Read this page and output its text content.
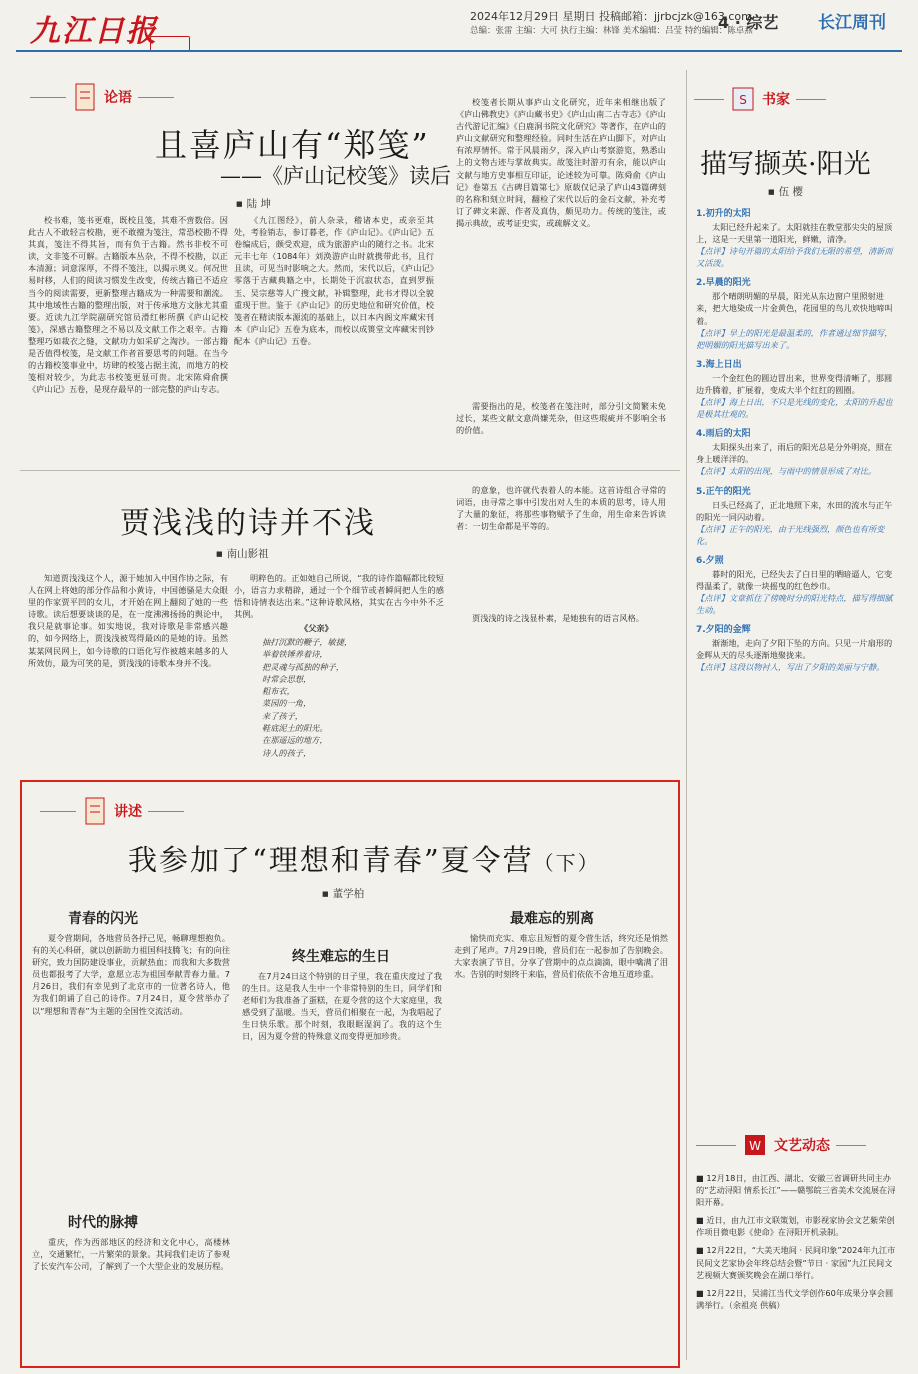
九江日报	2024年12月29日 星期日 投稿邮箱：jjrbcjzk@163.com
总编：张雷 主编：大可 执行主编：林锋 美术编辑：吕莹 特约编辑：陈卓燕
4 · 综艺 长江周刊
论语
且喜庐山有“郑笺”
——《庐山记校笺》读后
■ 陆 坤
校书难，笺书更难，既校且笺，其难不啻数倍。因此古人不敢轻言校勘，更不敢擅为笺注，常恐校勘不得其真，笺注不得其旨，而有负于古籍。然书非校不可读，文非笺不可解。古籍版本丛杂，不得不校勘，以正本清源；词意深厚，不得不笺注，以揭示奥义。何况世易时移，人们的阅读习惯发生改变，传统古籍已不适应当今的阅读需要，更新整理古籍成为一种需要和潮流。其中地域性古籍的整理出版，对于传承地方文脉尤其重要。近读九江学院副研究馆员滑红彬所撰《庐山记校笺》，深感古籍整理之不易以及文献工作之艰辛。古籍整理巧如裁衣之缝，文献功力如采矿之淘沙。一部古籍是否值得校笺，是文献工作者首要思考的问题。在当今的古籍校笺事业中，坊肆的校笺占据主流，而地方的校笺相对较少，为此志书校笺更显可贵。北宋陈舜俞撰《庐山记》五卷，是现存最早的一部完整的庐山专志。
《九江图经》，前人杂录，稽诸本史，或亲至其处，考验销志，参订暮老，作《庐山记》。《庐山记》五卷编成后，颇受欢迎，成为旅游庐山的随行之书。北宋元丰七年（1084年）刘涣游庐山时就携带此书，且行且读，可见当时影响之大。然而，宋代以后，《庐山记》零落于吉藏典籍之中，长期处于沉寂状态，直到罗振玉、吴宗慈等人广搜文献，补辑整理，此书才得以全貌重现于世。鉴于《庐山记》的历史地位和研究价值，校笺者在精读版本源流的基础上，以日本内阁文库藏宋刊本《庐山记》五卷为底本，而校以成篑堂文库藏宋刊钞配本《庐山记》五卷。
校笺者长期从事庐山文化研究，近年来相继出版了《庐山佛教史》《庐山藏书史》《庐山山南二古寺志》《庐山古代游记汇编》《白鹿洞书院文化研究》等著作，在庐山的庐山文献研究和整理经验。同时生活在庐山脚下，对庐山有浓厚情怀。常于风晨雨夕，深入庐山考察游览，熟悉山上的文物古迹与掌故典实。故笺注时游刃有余，能以庐山文献与地方史事相互印证，论述较为可靠。陈舜俞《庐山记》卷第五《古碑目篇第七》原载仅记录了庐山43篇碑刻的名称和刻立时间，翻检了宋代以后的金石文献，补充考订了碑文来源、作者及真伪，颇见功力。传统的笺注，或揭示典故，或考证史实，或疏解文义。
需要指出的是，校笺者在笺注时，部分引文简繁未免过长，某些文献文意尚嫌芜杂，但这些瑕疵并不影响全书的价值。
贾浅浅的诗并不浅
■ 南山影祖
的意象，也许就代表着人的本能。这首诗组合寻常的词语，由寻常之事中引发出对人生的本质的思考，诗人用了大量的象征，将那些事物赋予了生命，用生命来告诉读者：一切生命都是平等的。
贾浅浅的诗之浅显朴素，是她独有的语言风格。
知道贾浅浅这个人，源于她加入中国作协之际，有人在网上将她的部分作品和小黄诗，中国德骚是大众眼里的作家贾平凹的女儿，才开始在网上翻阅了她的一些诗歌。读后想要谈谈的是，在一度沸沸扬扬的舆论中，我只是就事论事。如实地说，我对诗歌是非常感兴趣的，如今网络上，贾浅浅被骂得最凶的是她的诗。虽然某某网民网上，如今诗歌的口语化写作被越来越多的人所效仿，最为可笑的是，贾浅浅的诗歌本身并不浅。
明粹色的。正如她自己所说，“我的诗作篇幅都比较短小，语言力求精辟，通过一个个细节或者瞬间把人生的感悟和诗情表达出来。”这种诗歌风格，其实在古今中外不乏其例。
《父亲》
抽打沉默的鞭子，敏捷，
举着铁锤养着诗，
把灵魂与孤独的种子，
时常会思想，
粗布衣，
菜园的一角，
来了孩子，
鞋底泥土的阳光。
在那遥远的地方，
诗人的孩子，
S 书家
描写撷英·阳光
■ 伍 樱
1.初升的太阳
太阳已经升起来了。太阳就挂在教堂那尖尖的屋顶上，这是一天里第一道阳光，鲜嫩，清净。
【点评】诗句开篇的太阳给予我们无限的希望，清新而又活泼。
2.早晨的阳光
那个晴朗明媚的早晨，阳光从东边窗户里照射进来，把大地染成一片金黄色，花园里的鸟儿欢快地啼叫着。
【点评】早上的阳光是最温柔的，作者通过细节描写，把明媚的阳光描写出来了。
3.海上日出
一个金红色的圆边冒出来，世界变得清晰了，那圆边升腾着，扩展着，变成大半个红红的圆圈。
【点评】海上日出，不只是光线的变化，太阳的升起也是极其壮观的。
4.雨后的太阳
太阳探头出来了，雨后的阳光总是分外明亮，照在身上暖洋洋的。
【点评】太阳的出现，与雨中的情景形成了对比。
5.正午的阳光
日头已经高了，正北地照下来，水田的流水与正午的阳光一同闪动着。
【点评】正午的阳光，由于光线强烈，颜色也有所变化。
6.夕照
暮时的阳光，已经失去了白日里的晒暗逼人，它变得温柔了，就像一块摇曳的红色纱巾。
【点评】文章抓住了傍晚时分的阳光特点，描写得细腻生动。
7.夕阳的金辉
渐渐地，走向了夕阳下坠的方向。只见一片扇形的金辉从天的尽头逐渐地聚拢来。
【点评】这段以物衬人，写出了夕阳的美丽与宁静。
讲述
我参加了“理想和青春”夏令营（下）
■ 董学柏
青春的闪光
夏令营期间，各地营员各抒己见，畅聊理想抱负。有的关心科研，就以创新助力祖国科技腾飞；有的向往研究，致力国防建设事业，贡献热血；而我和大多数营员也都报考了大学，意愿立志为祖国奉献青春力量。7月26日，我们有幸见到了北京市的一位著名诗人，他为我们朗诵了自己的诗作。7月24日，夏令营举办了以“理想和青春”为主题的全国性交流活动。
时代的脉搏
重庆，作为西部地区的经济和文化中心，高楼林立，交通繁忙，一片繁荣的景象。其间我们走访了参观了长安汽车公司，了解到了一个大型企业的发展历程。
终生难忘的生日
在7月24日这个特别的日子里，我在重庆度过了我的生日。这是我人生中一个非常特别的生日，同学们和老师们为我准备了蛋糕，在夏令营的这个大家庭里，我感受到了温暖。当天，营员们相聚在一起，为我唱起了生日快乐歌。那个时刻，我眼眶湿润了。我的这个生日，因为夏令营的特殊意义而变得更加珍贵。
最难忘的别离
愉快而充实、难忘且短暂的夏令营生活，终究还是悄然走到了尾声。7月29日晚，营员们在一起参加了告别晚会。大家表演了节目，分享了营期中的点点滴滴，眼中噙满了泪水。告别的时刻终于来临，营员们依依不舍地互道珍重。
W 文艺动态

■ 12月18日，由江西、湖北、安徽三省调研共同主办的“艺动浔阳 情系长江”——赣鄂皖三省美术交流展在浔阳开幕。

■ 近日，由九江市文联策划，市影视家协会文艺紫荣创作项目微电影《使命》在浔阳开机录制。

■ 12月22日，“大美天地间 · 民间印象”2024年九江市民间文艺家协会年终总结会暨“节日 · 家园”九江民间文艺视频大赛颁奖晚会在湖口举行。

■ 12月22日，吴浦江当代文学创作60年成果分享会圆满举行。（余祖亮 供稿）
